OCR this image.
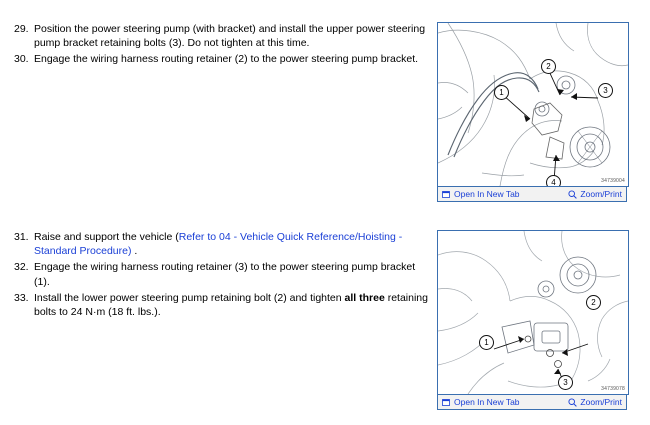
29. Position the power steering pump (with bracket) and install the upper power steering pump bracket retaining bolts (3). Do not tighten at this time.
30. Engage the wiring harness routing retainer (2) to the power steering pump bracket.
31. Raise and support the vehicle (Refer to 04 - Vehicle Quick Reference/Hoisting - Standard Procedure) .
32. Engage the wiring harness routing retainer (3) to the power steering pump bracket (1).
33. Install the lower power steering pump retaining bolt (2) and tighten all three retaining bolts to 24 N·m (18 ft. lbs.).
1
2
3
4	34739004
Open In New Tab	Zoom/Print
1
2
3
34739078
Open In New Tab	Zoom/Print
